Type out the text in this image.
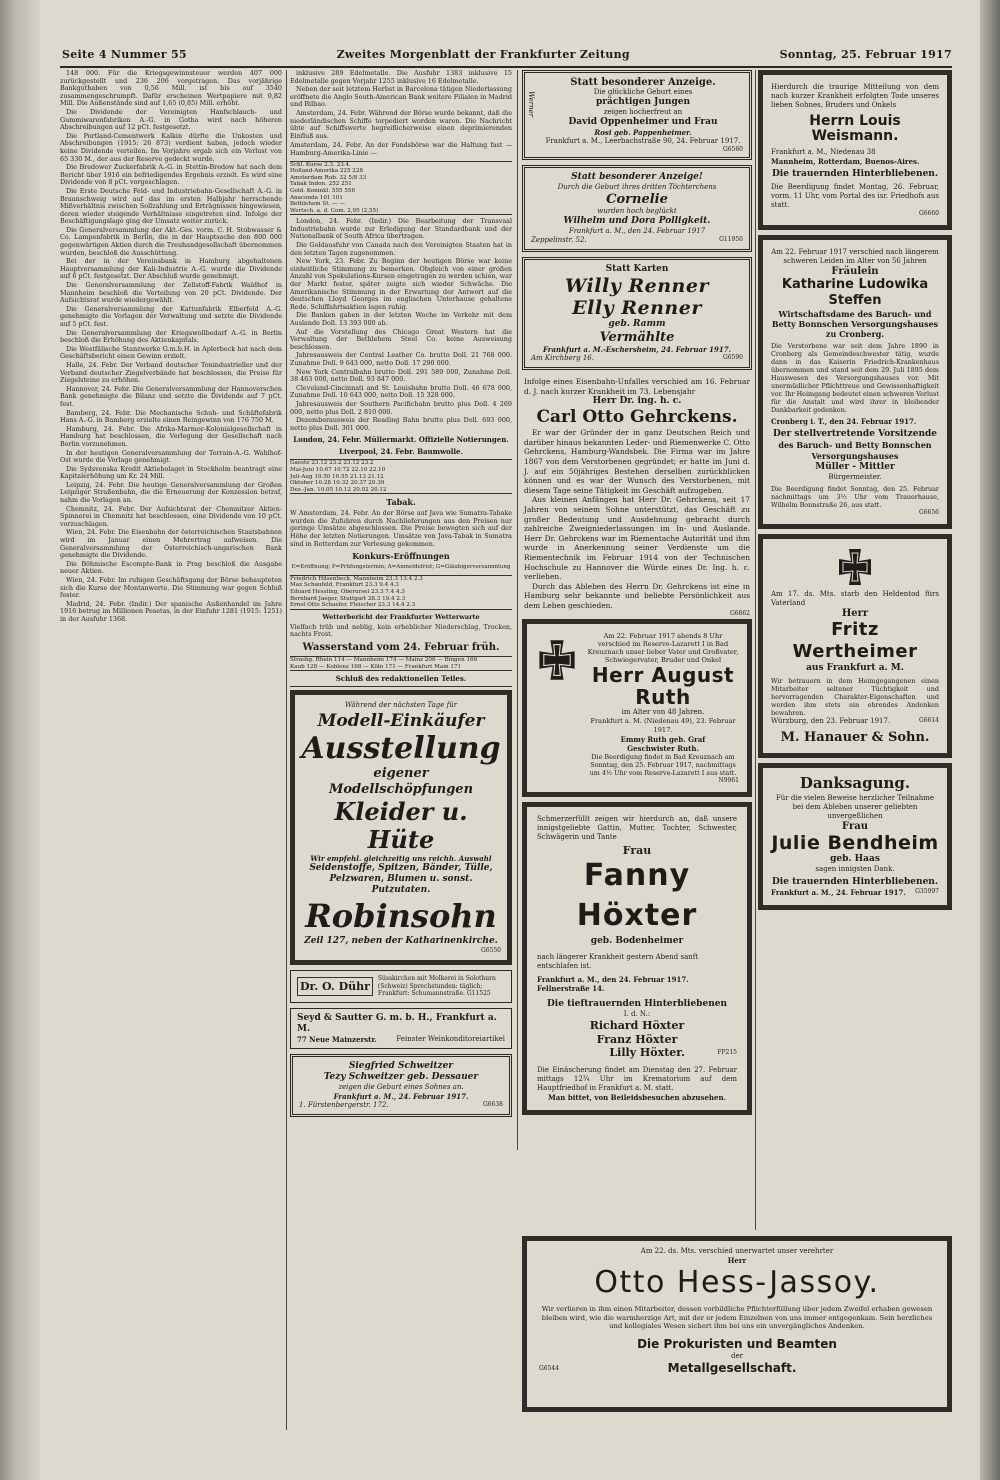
Seite 4 Nummer 55	Zweites Morgenblatt der Frankfurter Zeitung	Sonntag, 25. Februar 1917

148 000. Für die Kriegsgewinnsteuer werden 407 000 zurückgestellt und 236 206 vorgetragen. Das vorjährige Bankguthaben von 0,56 Mill. ist bis auf 3540 zusammengeschrumpft. Dafür erscheinen Wertpapiere mit 0,82 Mill. Die Außenstände sind auf 1,65 (0,85) Mill. erhöht.

Die Dividende der Vereinigten Hanfschlauch- und Gummiwarenfabriken A.-G. in Gotha wird nach höheren Abschreibungen auf 12 pCt. festgesetzt.

Die Portland-Cementwerk Kalkin dürfte die Unkosten und Abschreibungen (1915: 26 873) verdient haben, jedoch wieder keine Dividende verteilen. Im Vorjahre ergab sich ein Verlust von 65 330 M., der aus der Reserve gedeckt wurde.

Die Bredower Zuckerfabrik A.-G. in Stettin-Bredow hat nach dem Bericht über 1916 ein befriedigendes Ergebnis erzielt. Es wird eine Dividende von 8 pCt. vorgeschlagen.

Die Erste Deutsche Feld- und Industriebahn-Gesellschaft A.-G. in Braunschweig wird auf das im ersten Halbjahr herrschende Mißverhältnis zwischen Sollzahlung und Erträgnissen hingewiesen, deren wieder steigende Verhältnisse eingetreten sind. Infolge der Beschäftigungslage ging der Umsatz weiter zurück.

Die Generalversammlung der Akt.-Ges. vorm. C. H. Stobwasser & Co. Lampenfabrik in Berlin, die in der Hauptsache den 800 000 gegenwärtigen Aktien durch die Treuhandgesellschaft übernommen wurden, beschloß die Ausschüttung.

Bei der in der Vereinsbank in Hamburg abgehaltenen Hauptversammlung der Kali-Industrie A.-G. wurde die Dividende auf 6 pCt. festgesetzt. Der Abschluß wurde genehmigt.

Die Generalversammlung der Zellstoff-Fabrik Waldhof in Mannheim beschloß die Verteilung von 20 pCt. Dividende. Der Aufsichtsrat wurde wiedergewählt.

Die Generalversammlung der Kattunfabrik Elberfeld A.-G. genehmigte die Vorlagen der Verwaltung und setzte die Dividende auf 5 pCt. fest.

Die Generalversammlung der Kriegswollbedarf A.-G. in Berlin beschloß die Erhöhung des Aktienkapitals.

Die Westfälische Stanzwerke G.m.b.H. in Aplerbeck hat nach dem Geschäftsbericht einen Gewinn erzielt.

Halle, 24. Febr. Der Verband deutscher Tonindustrieller und der Verband deutscher Ziegelverbände hat beschlossen, die Preise für Ziegelsteine zu erhöhen.

Hannover, 24. Febr. Die Generalversammlung der Hannoverschen Bank genehmigte die Bilanz und setzte die Dividende auf 7 pCt. fest.

Bamberg, 24. Febr. Die Mechanische Schuh- und Schäftefabrik Hans A.-G. in Bamberg erzielte einen Reingewinn von 176 750 M.

Hamburg, 24. Febr. Die Afrika-Marmor-Kolonialgesellschaft in Hamburg hat beschlossen, die Verlegung der Gesellschaft nach Berlin vorzunehmen.

In der heutigen Generalversammlung der Terrain-A.-G. Wahlhof-Ost wurde die Vorlage genehmigt.

Die Sydsvenska Kredit Aktiebolaget in Stockholm beantragt eine Kapitalerhöhung um Kr. 24 Mill.

Leipzig, 24. Febr. Die heutige Generalversammlung der Großen Leipziger Straßenbahn, die die Erneuerung der Konzession betraf, nahm die Vorlagen an.

Chemnitz, 24. Febr. Der Aufsichtsrat der Chemnitzer Aktien-Spinnerei in Chemnitz hat beschlossen, eine Dividende von 10 pCt. vorzuschlagen.

Wien, 24. Febr. Die Eisenbahn der österreichischen Staatsbahnen wird im Januar einen Mehrertrag aufweisen. Die Generalversammlung der Österreichisch-ungarischen Bank genehmigte die Dividende.

Die Böhmische Escompte-Bank in Prag beschloß die Ausgabe neuer Aktien.

Wien, 24. Febr. Im ruhigen Geschäftsgang der Börse behaupteten sich die Kurse der Montanwerte. Die Stimmung war gegen Schluß fester.

Madrid, 24. Febr. (Indir.) Der spanische Außenhandel im Jahre 1916 betrug im Millionen Pesetas, in der Einfuhr 1281 (1915: 1251) in der Ausfuhr 1368.

inklusive 289 Edelmetalle. Die Ausfuhr 1383 inklusive 15 Edelmetalle gegen Vorjahr 1255 inklusive 16 Edelmetalle.

Neben der seit letztem Herbst in Barcelona tätigen Niederlassung eröffnete die Anglo South-American Bank weitere Filialen in Madrid und Bilbao.

Amsterdam, 24. Febr. Während der Börse wurde bekannt, daß die niederländischen Schiffe torpediert worden waren. Die Nachricht übte auf Schiffswerte begreiflicherweise einen deprimierenden Einfluß aus.

Amsterdam, 24. Febr. An der Fondsbörse war die Haltung fast — Hamburg-Amerika-Linie —
Schl. Kurse 2.3. 23.4.
Holland-Amerika 225 228
Amsterdam Rub. 32 5/8 33
Tabak Indon. 252 251
Gold. Koninkl. 555 556
Anaconda 101 101
Bethlehem St. — —
Wertsch. a. d. Com. 2,95 (2,55)

London, 24. Febr. (Indir.) Die Bearbeitung der Transvaal Industriebahn wurde zur Erledigung der Standardbank und der Nationalbank of South Africa übertragen.

Die Goldausfuhr von Canada nach den Vereinigten Staaten hat in den letzten Tagen zugenommen.

New York, 23. Febr. Zu Beginn der heutigen Börse war keine einheitliche Stimmung zu bemerken. Obgleich von einer großen Anzahl von Spekulations-Kursen eingetragen zu werden schien, war der Markt fester, später zeigte sich wieder Schwäche. Die Amerikanische Stimmung in der Erwartung der Antwort auf die deutschen Lloyd Georges im englischen Unterhause gehaltene Rede. Schiffahrtsaktien lagen ruhig.

Die Banken gaben in der letzten Woche im Verkehr mit dem Auslande Doll. 13 393 000 ab.

Auf die Vorstellung des Chicago Great Western hat die Verwaltung der Bethlehem Steel Co. keine Ausweisung beschlossen.

Jahresausweis der Central Leather Co. brutto Doll. 21 768 000. Zunahme Doll. 9 643 000, netto Doll. 17 290 000.

New York Centralbahn brutto Doll. 291 589 000, Zunahme Doll. 38 463 000, netto Doll. 93 847 000.

Cleveland-Cincinnati and St. Louisbahn brutto Doll. 46 678 000, Zunahme Doll. 10 643 000, netto Doll. 15 328 000.

Jahresausweis der Southern Pacificbahn brutto plus Doll. 4 269 000, netto plus Doll. 2 810 000.

Dezemberausweis der Reading Bahn brutto plus Doll. 693 000, netto plus Doll. 301 000.

London, 24. Febr. Müllermarkt. Offizielle Notierungen.
Liverpool, 24. Febr. Baumwolle.
Gaeste 23.12 23.2 23.12 23.2
Mai-Juni 10.67 10.72 22.10 22.10
Juli-Aug 10.50 10.55 21.13 21.12
Oktober 10.28 10.32 20.37 20.39
Dez.-Jan. 10.05 10.12 20.02 20.12
Tabak.
W Amsterdam, 24. Febr. An der Börse auf Java wie Sumatra-Tabake wurden die Zufuhren durch Nachlieferungen aus den Preisen nur geringe Umsätze abgeschlossen. Die Preise bewegten sich auf der Höhe der letzten Notierungen. Umsätze von Java-Tabak in Sumatra sind in Rotterdam zur Verlesung gekommen.
Konkurs-Eröffnungen
E=Eröffnung; P=Prüfungstermin; A=Anmeldefrist; G=Gläubigerversammlung
Friedrich Hilsenbeck, Mannheim 23.3 13.4 2.3
Max Schaufeld, Frankfurt 23.3 9.4 4.3
Eduard Hessling, Oberursel 23.3 7.4 4.3
Bernhard Jaeger, Stuttgart 28.3 19.4 2.3
Ernst Otto Schaefer, Fleischer 23.3 14.4 2.3
Wetterbericht der Frankfurter Wetterwarte
Vielfach trüb und neblig, kein erheblicher Niederschlag, Trocken, nachts Frost.
Wasserstand vom 24. Februar früh.
Strasbg. Rhein 114 — Mannheim 174 — Mainz 206 — Bingen 166
Kaub 128 — Koblenz 168 — Köln 171 — Frankfurt Main 171
Schluß des redaktionellen Teiles.
Während der nächsten Tage für
Modell-Einkäufer
Ausstellung
eigener Modellschöpfungen
Kleider u. Hüte
Wir empfehl. gleichzeitig uns reichh. Auswahl
Seidenstoffe, Spitzen, Bänder, Tülle, Pelzwaren, Blumen u. sonst. Putzutaten.
Robinsohn
Zeil 127, neben der Katharinenkirche.
G6550
Dr. O. Dühr
Süsskirchen mit Molkerei in Solothurn (Schweiz) Sprechstunden: täglich; Frankfurt: Schumannstraße. G11525
Seyd & Sautter G. m. b. H., Frankfurt a. M.
77 Neue Mainzerstr.	Feinster Weinkonditoreiartikel
Siegfried Schweitzer
Tezy Schweitzer geb. Dessauer
zeigen die Geburt eines Sohnes an.
Frankfurt a. M., 24. Februar 1917.
1. Fürstenbergerstr. 172.	G6638
Werner
Statt besonderer Anzeige.
Die glückliche Geburt eines
prächtigen Jungen
zeigen hocherfreut an
David Oppenheimer und Frau
Rosi geb. Pappenheimer.
Frankfurt a. M., Leerbachstraße 90, 24. Februar 1917.
G6560
Statt besonderer Anzeige!
Durch die Geburt ihres dritten Töchterchens
Cornelie
wurden hoch beglückt
Wilhelm und Dora Polligkeit.
Frankfurt a. M., den 24. Februar 1917
Zeppelinstr. 52.	G11956
Statt Karten
Willy Renner
Elly Renner
geb. Ramm
Vermählte
Frankfurt a. M.-Eschersheim, 24. Februar 1917.
Am Kirchberg 16.	G6590
Infolge eines Eisenbahn-Unfalles verschied am 16. Februar d. J. nach kurzer Krankheit im 73. Lebensjahr
Herr Dr. ing. h. c.
Carl Otto Gehrckens.
Er war der Gründer der in ganz Deutschen Reich und darüber hinaus bekannten Leder- und Riemenwerke C. Otto Gehrckens, Hamburg-Wandsbek. Die Firma war im Jahre 1867 von dem Verstorbenen gegründet; er hatte im Juni d. J. auf ein 50jähriges Bestehen derselben zurückblicken können und es war der Wunsch des Verstorbenen, mit diesem Tage seine Tätigkeit im Geschäft aufzugeben.
Aus kleinen Anfängen hat Herr Dr. Gehrckens, seit 17 Jahren von seinem Sohne unterstützt, das Geschäft zu großer Bedeutung und Ausdehnung gebracht durch zahlreiche Zweigniederlassungen im In- und Auslande. Herr Dr. Gehrckens war im Riementache Autorität und ihm wurde in Anerkennung seiner Verdienste um die Riementechnik im Februar 1914 von der Technischen Hochschule zu Hannover die Würde eines Dr. Ing. h. c. verliehen.
Durch das Ableben des Herrn Dr. Gehrckens ist eine in Hamburg sehr bekannte und beliebte Persönlichkeit aus dem Leben geschieden.
G6862
Am 22. Februar 1917 abends 8 Uhr verschied im Reserve-Lazarett I in Bad Kreuznach unser lieber Vater und Großvater, Schwiegervater, Bruder und Onkel
Herr August Ruth
im Alter von 48 Jahren.
Frankfurt a. M. (Niedenau 49), 23. Februar 1917.
Emmy Ruth geb. Graf
Geschwister Ruth.
Die Beerdigung findet in Bad Kreuznach am Sonntag, den 25. Februar 1917, nachmittags um 4½ Uhr vom Reserve-Lazarett I aus statt.
N9961
Schmerzerfüllt zeigen wir hierdurch an, daß unsere innigstgeliebte Gattin, Mutter, Tochter, Schwester, Schwägerin und Tante
Frau
Fanny Höxter
geb. Bodenheimer
nach längerer Krankheit gestern Abend sanft entschlafen ist.
Frankfurt a. M., den 24. Februar 1917. Fellnerstraße 14.
Die tieftrauernden Hinterbliebenen
I. d. N.:
Richard Höxter
Franz Höxter
Lilly Höxter.	FP215
Die Einäscherung findet am Dienstag den 27. Februar mittags 12¾ Uhr im Krematorium auf dem Hauptfriedhof in Frankfurt a. M. statt.
Man bittet, von Beileidsbesuchen abzusehen.
Hierdurch die traurige Mitteilung von dem nach kurzer Krankheit erfolgten Tode unseres lieben Sohnes, Bruders und Onkels
Herrn Louis Weismann.
Frankfurt a. M., Niedenau 38
Mannheim, Rotterdam, Buenos-Aires.
Die trauernden Hinterbliebenen.
Die Beerdigung findet Montag, 26. Februar, vorm. 11 Uhr, vom Portal des isr. Friedhofs aus statt.
G6660
Am 22. Februar 1917 verschied nach längerem schweren Leiden im Alter von 56 Jahren
Fräulein
Katharine Ludowika Steffen
Wirtschaftsdame des Baruch- und Betty Bonnschen Versorgungshauses zu Cronberg.
Die Verstorbene war seit dem Jahre 1890 in Cronberg als Gemeindeschwester tätig, wurde dann in das Kaiserin Friedrich-Krankenhaus übernommen und stand seit dem 29. Juli 1895 dem Hauswesen des Versorgungshauses vor. Mit unermüdlicher Pflichttreue und Gewissenhaftigkeit vor. Ihr Heimgang bedeutet einen schweren Verlust für die Anstalt und wird ihrer in bleibender Dankbarkeit gedenken.
Cronberg i. T., den 24. Februar 1917.
Der stellvertretende Vorsitzende
des Baruch- und Betty Bonnschen Versorgungshauses
Müller - Mittler
Bürgermeister.
Die Beerdigung findet Sonntag, den 25. Februar nachmittags um 3½ Uhr vom Trauerhause, Wilhelm Bonnstraße 26, aus statt.
G6656
Am 17. ds. Mts. starb den Heldentod fürs Vaterland
Herr
Fritz Wertheimer
aus Frankfurt a. M.
Wir betrauern in dem Heimgegangenen einen Mitarbeiter seltener Tüchtigkeit und hervorragenden Charakter-Eigenschaften und werden ihm stets ein ehrendes Andenken bewahren.
Würzburg, den 23. Februar 1917.	G6614
M. Hanauer & Sohn.
Danksagung.
Für die vielen Beweise herzlicher Teilnahme bei dem Ableben unserer geliebten unvergeßlichen
Frau
Julie Bendheim
geb. Haas
sagen innigsten Dank.
Die trauernden Hinterbliebenen.
Frankfurt a. M., 24. Februar 1917. G35997
Am 22. ds. Mts. verschied unerwartet unser verehrter
Herr
Otto Hess-Jassoy.
Wir verlieren in ihm einen Mitarbeiter, dessen vorbildliche Pflichterfüllung über jedem Zweifel erhaben gewesen bleiben wird, wie die warmherzige Art, mit der er jedem Einzelnen von uns immer entgegenkam. Sein herzliches und kollegiales Wesen sichert ihm bei uns ein unvergängliches Andenken.
Die Prokuristen und Beamten
der
G6544	Metallgesellschaft.
